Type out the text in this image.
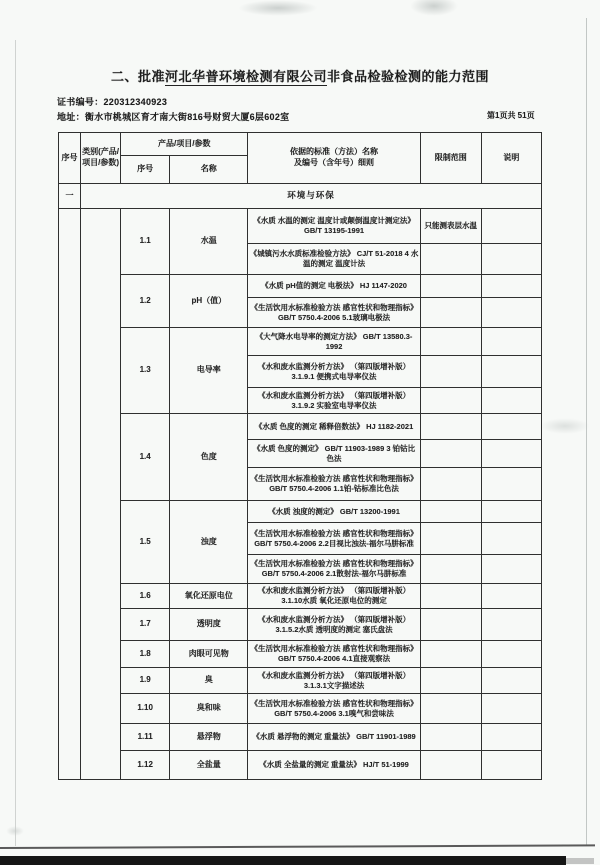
二、批准河北华普环境检测有限公司非食品检验检测的能力范围
证书编号：220312340923
地址：衡水市桃城区育才南大街816号财贸大厦6层602室	第1页共 51页
序号	类别(产品/项目/参数)	产品/项目/参数		依据的标准（方法）名称
及编号（含年号）细则	限制范围	说明
		序号	名称			
一	环境与环保					
		1.1	水温	《水质 水温的测定 温度计或颠倒温度计测定法》 GB/T 13195-1991	只能测表层水温	
				《城镇污水水质标准检验方法》 CJ/T 51-2018 4 水温的测定 温度计法		
		1.2	pH（值）	《水质 pH值的测定 电极法》 HJ 1147-2020		
				《生活饮用水标准检验方法 感官性状和物理指标》 GB/T 5750.4-2006 5.1玻璃电极法		
		1.3	电导率	《大气降水电导率的测定方法》 GB/T 13580.3-1992		
				《水和废水监测分析方法》 （第四版增补版） 3.1.9.1 便携式电导率仪法		
				《水和废水监测分析方法》 （第四版增补版） 3.1.9.2 实验室电导率仪法		
		1.4	色度	《水质 色度的测定 稀释倍数法》 HJ 1182-2021		
				《水质 色度的测定》 GB/T 11903-1989 3 铂钴比色法		
				《生活饮用水标准检验方法 感官性状和物理指标》 GB/T 5750.4-2006 1.1铂-钴标准比色法		
		1.5	浊度	《水质 浊度的测定》 GB/T 13200-1991		
				《生活饮用水标准检验方法 感官性状和物理指标》 GB/T 5750.4-2006 2.2目视比浊法-福尔马肼标准		
				《生活饮用水标准检验方法 感官性状和物理指标》 GB/T 5750.4-2006 2.1散射法-福尔马肼标准		
		1.6	氧化还原电位	《水和废水监测分析方法》 （第四版增补版） 3.1.10水质 氧化还原电位的测定		
		1.7	透明度	《水和废水监测分析方法》 （第四版增补版） 3.1.5.2水质 透明度的测定 塞氏盘法		
		1.8	肉眼可见物	《生活饮用水标准检验方法 感官性状和物理指标》 GB/T 5750.4-2006 4.1直接观察法		
		1.9	臭	《水和废水监测分析方法》 （第四版增补版） 3.1.3.1文字描述法		
		1.10	臭和味	《生活饮用水标准检验方法 感官性状和物理指标》 GB/T 5750.4-2006 3.1嗅气和尝味法		
		1.11	悬浮物	《水质 悬浮物的测定 重量法》 GB/T 11901-1989		
		1.12	全盐量	《水质 全盐量的测定 重量法》 HJ/T 51-1999		
